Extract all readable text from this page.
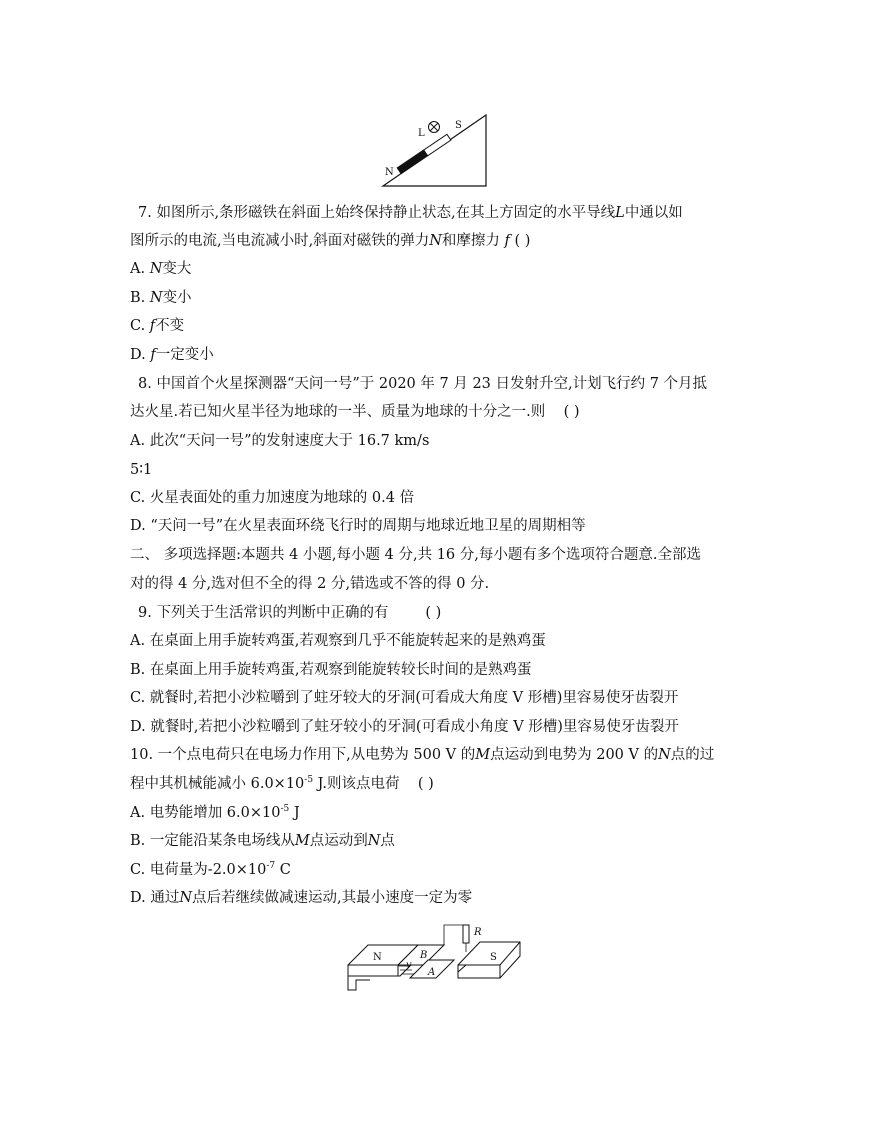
L
S
N
7. 如图所示,条形磁铁在斜面上始终保持静止状态,在其上方固定的水平导线L中通以如
图所示的电流,当电流减小时,斜面对磁铁的弹力N和摩擦力 f ( )
A. N变大
B. N变小
C. f不变
D. f一定变小
8. 中国首个火星探测器“天问一号”于 2020 年 7 月 23 日发射升空,计划飞行约 7 个月抵
达火星.若已知火星半径为地球的一半、质量为地球的十分之一.则 ( )
A. 此次“天问一号”的发射速度大于 16.7 km/s
5∶1
C. 火星表面处的重力加速度为地球的 0.4 倍
D. “天问一号”在火星表面环绕飞行时的周期与地球近地卫星的周期相等
二、 多项选择题:本题共 4 小题,每小题 4 分,共 16 分,每小题有多个选项符合题意.全部选
对的得 4 分,选对但不全的得 2 分,错选或不答的得 0 分.
9. 下列关于生活常识的判断中正确的有	( )
A. 在桌面上用手旋转鸡蛋,若观察到几乎不能旋转起来的是熟鸡蛋
B. 在桌面上用手旋转鸡蛋,若观察到能旋转较长时间的是熟鸡蛋
C. 就餐时,若把小沙粒嚼到了蛀牙较大的牙洞(可看成大角度 V 形槽)里容易使牙齿裂开
D. 就餐时,若把小沙粒嚼到了蛀牙较小的牙洞(可看成小角度 V 形槽)里容易使牙齿裂开
10. 一个点电荷只在电场力作用下,从电势为 500 V 的M点运动到电势为 200 V 的N点的过
程中其机械能减小 $6.0\times 10^{-5}$ J.则该点电荷 ( )
A. 电势能增加 $6.0\times 10^{-5}$ J
B. 一定能沿某条电场线从M点运动到N点
C. 电荷量为$-2.0\times 10^{-7}$ C
D. 通过N点后若继续做减速运动,其最小速度一定为零
N	S
B
A
R
v
